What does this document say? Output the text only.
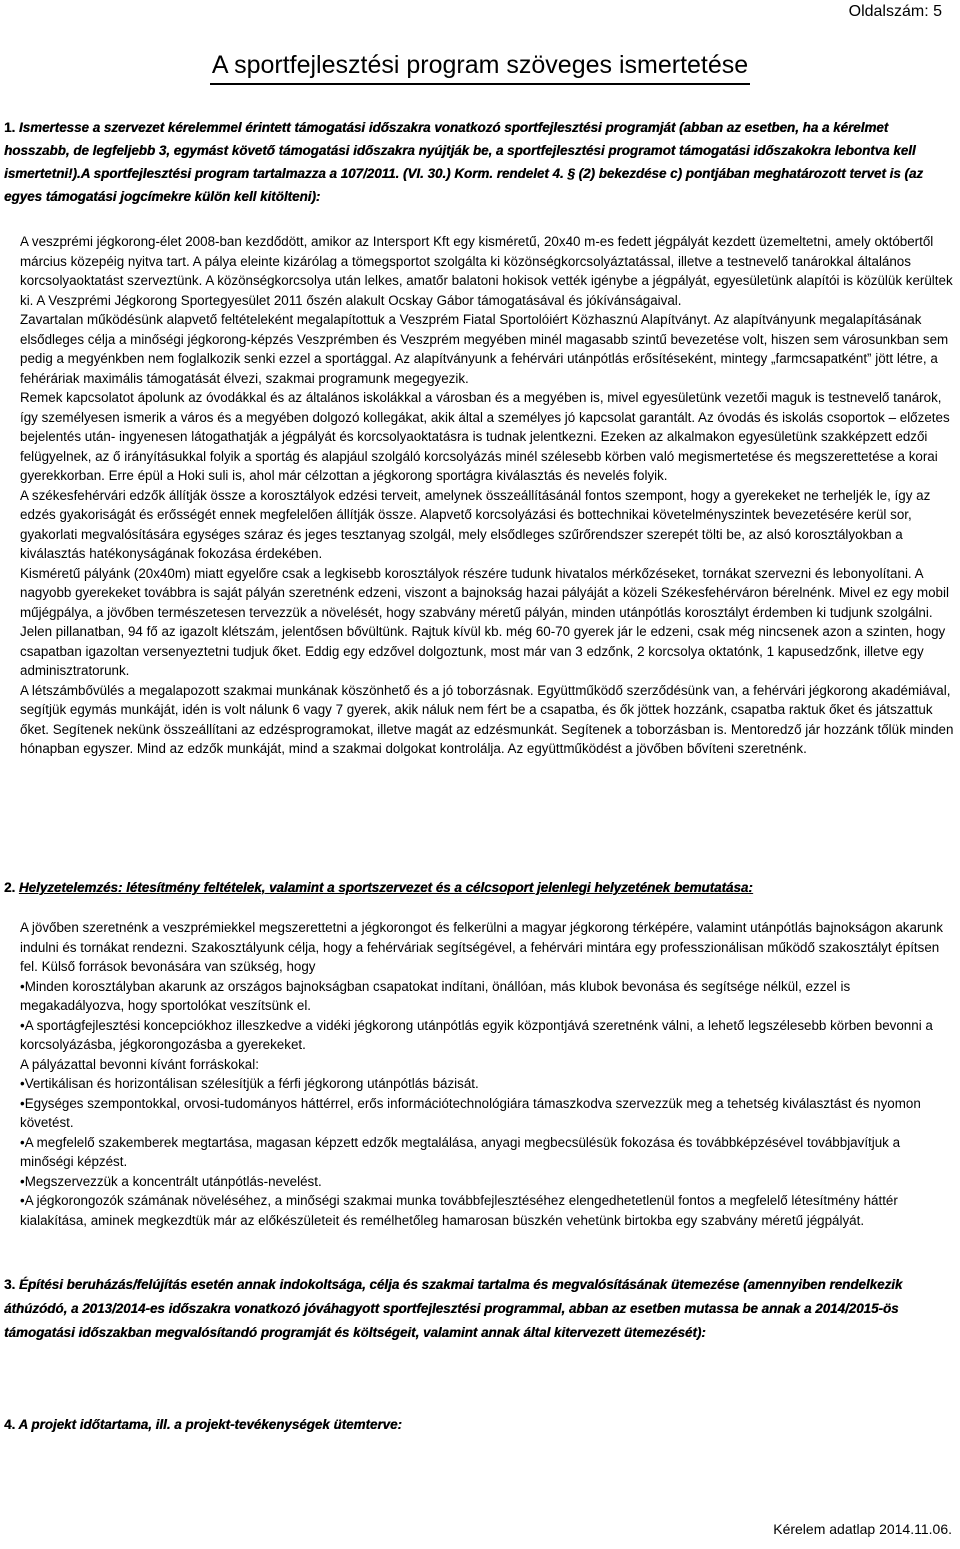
Oldalszám: 5
A sportfejlesztési program szöveges ismertetése
1. Ismertesse a szervezet kérelemmel érintett támogatási időszakra vonatkozó sportfejlesztési programját (abban az esetben, ha a kérelmet hosszabb, de legfeljebb 3, egymást követő támogatási időszakra nyújtják be, a sportfejlesztési programot támogatási időszakokra lebontva kell ismertetni!).A sportfejlesztési program tartalmazza a 107/2011. (VI. 30.) Korm. rendelet 4. § (2) bekezdése c) pontjában meghatározott tervet is (az egyes támogatási jogcímekre külön kell kitölteni):

A veszprémi jégkorong-élet 2008-ban kezdődött, amikor az Intersport Kft egy kisméretű, 20x40 m-es fedett jégpályát kezdett üzemeltetni, amely októbertől március közepéig nyitva tart. A pálya eleinte kizárólag a tömegsportot szolgálta ki közönségkorcsolyáztatással, illetve a testnevelő tanárokkal általános korcsolyaoktatást szerveztünk. A közönségkorcsolya után lelkes, amatőr balatoni hokisok vették igénybe a jégpályát, egyesületünk alapítói is közülük kerültek ki. A Veszprémi Jégkorong Sportegyesület 2011 őszén alakult Ocskay Gábor támogatásával és jókívánságaival.

Zavartalan működésünk alapvető feltételeként megalapítottuk a Veszprém Fiatal Sportolóiért Közhasznú Alapítványt. Az alapítványunk megalapításának elsődleges célja a minőségi jégkorong-képzés Veszprémben és Veszprém megyében minél magasabb szintű bevezetése volt, hiszen sem városunkban sem pedig a megyénkben nem foglalkozik senki ezzel a sportággal. Az alapítványunk a fehérvári utánpótlás erősítéseként, mintegy „farmcsapatként” jött létre, a fehéráriak maximális támogatását élvezi, szakmai programunk megegyezik.

Remek kapcsolatot ápolunk az óvodákkal és az általános iskolákkal a városban és a megyében is, mivel egyesületünk vezetői maguk is testnevelő tanárok, így személyesen ismerik a város és a megyében dolgozó kollegákat, akik által a személyes jó kapcsolat garantált. Az óvodás és iskolás csoportok – előzetes bejelentés után- ingyenesen látogathatják a jégpályát és korcsolyaoktatásra is tudnak jelentkezni. Ezeken az alkalmakon egyesületünk szakképzett edzői felügyelnek, az ő irányításukkal folyik a sportág és alapjául szolgáló korcsolyázás minél szélesebb körben való megismertetése és megszerettetése a korai gyerekkorban. Erre épül a Hoki suli is, ahol már célzottan a jégkorong sportágra kiválasztás és nevelés folyik.

A székesfehérvári edzők állítják össze a korosztályok edzési terveit, amelynek összeállításánál fontos szempont, hogy a gyerekeket ne terheljék le, így az edzés gyakoriságát és erősségét ennek megfelelően állítják össze. Alapvető korcsolyázási és bottechnikai követelményszintek bevezetésére kerül sor, gyakorlati megvalósítására egységes száraz és jeges tesztanyag szolgál, mely elsődleges szűrőrendszer szerepét tölti be, az alsó korosztályokban a kiválasztás hatékonyságának fokozása érdekében.

Kisméretű pályánk (20x40m) miatt egyelőre csak a legkisebb korosztályok részére tudunk hivatalos mérkőzéseket, tornákat szervezni és lebonyolítani. A nagyobb gyerekeket továbbra is saját pályán szeretnénk edzeni, viszont a bajnokság hazai pályáját a közeli Székesfehérváron bérelnénk. Mivel ez egy mobil műjégpálya, a jövőben természetesen tervezzük a növelését, hogy szabvány méretű pályán, minden utánpótlás korosztályt érdemben ki tudjunk szolgálni.

Jelen pillanatban, 94 fő az igazolt klétszám, jelentősen bővültünk. Rajtuk kívül kb. még 60-70 gyerek jár le edzeni, csak még nincsenek azon a szinten, hogy csapatban igazoltan versenyeztetni tudjuk őket. Eddig egy edzővel dolgoztunk, most már van 3 edzőnk, 2 korcsolya oktatónk, 1 kapusedzőnk, illetve egy adminisztratorunk.

A létszámbővülés a megalapozott szakmai munkának köszönhető és a jó toborzásnak. Együttműködő szerződésünk van, a fehérvári jégkorong akadémiával, segítjük egymás munkáját, idén is volt nálunk 6 vagy 7 gyerek, akik náluk nem fért be a csapatba, és ők jöttek hozzánk, csapatba raktuk őket és játszattuk őket. Segítenek nekünk összeállítani az edzésprogramokat, illetve magát az edzésmunkát. Segítenek a toborzásban is. Mentoredző jár hozzánk tőlük minden hónapban egyszer. Mind az edzők munkáját, mind a szakmai dolgokat kontrolálja. Az együttműködést a jövőben bővíteni szeretnénk.

2. Helyzetelemzés: létesítmény feltételek, valamint a sportszervezet és a célcsoport jelenlegi helyzetének bemutatása:

A jövőben szeretnénk a veszprémiekkel megszerettetni a jégkorongot és felkerülni a magyar jégkorong térképére, valamint utánpótlás bajnokságon akarunk indulni és tornákat rendezni. Szakosztályunk célja, hogy a fehérváriak segítségével, a fehérvári mintára egy professzionálisan működő szakosztályt építsen fel. Külső források bevonására van szükség, hogy

•Minden korosztályban akarunk az országos bajnokságban csapatokat indítani, önállóan, más klubok bevonása és segítsége nélkül, ezzel is megakadályozva, hogy sportolókat veszítsünk el.

•A sportágfejlesztési koncepciókhoz illeszkedve a vidéki jégkorong utánpótlás egyik központjává szeretnénk válni, a lehető legszélesebb körben bevonni a korcsolyázásba, jégkorongozásba a gyerekeket.

A pályázattal bevonni kívánt forráskokal:

•Vertikálisan és horizontálisan szélesítjük a férfi jégkorong utánpótlás bázisát.

•Egységes szempontokkal, orvosi-tudományos háttérrel, erős információtechnológiára támaszkodva szervezzük meg a tehetség kiválasztást és nyomon követést.

•A megfelelő szakemberek megtartása, magasan képzett edzők megtalálása, anyagi megbecsülésük fokozása és továbbképzésével továbbjavítjuk a minőségi képzést.

•Megszervezzük a koncentrált utánpótlás-nevelést.

•A jégkorongozók számának növeléséhez, a minőségi szakmai munka továbbfejlesztéséhez elengedhetetlenül fontos a megfelelő létesítmény háttér kialakítása, aminek megkezdtük már az előkészületeit és remélhetőleg hamarosan büszkén vehetünk birtokba egy szabvány méretű jégpályát.

3. Építési beruházás/felújítás esetén annak indokoltsága, célja és szakmai tartalma és megvalósításának ütemezése (amennyiben rendelkezik áthúzódó, a 2013/2014-es időszakra vonatkozó jóváhagyott sportfejlesztési programmal, abban az esetben mutassa be annak a 2014/2015-ös támogatási időszakban megvalósítandó programját és költségeit, valamint annak által kitervezett ütemezését):
4. A projekt időtartama, ill. a projekt-tevékenységek ütemterve:
Kérelem adatlap 2014.11.06.
